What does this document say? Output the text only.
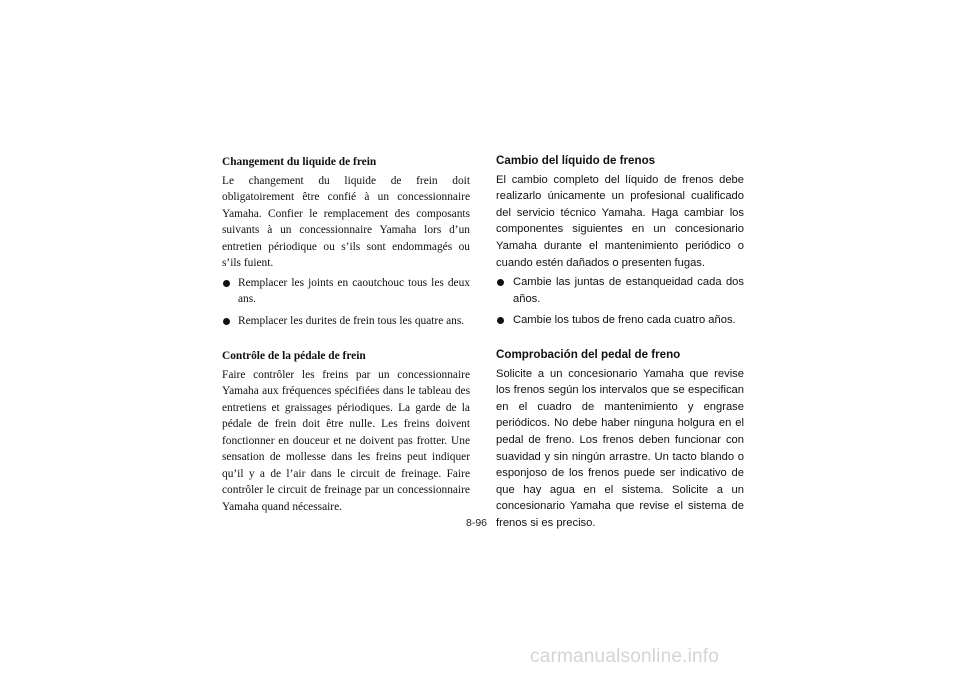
Changement du liquide de frein

Le changement du liquide de frein doit obligatoirement être confié à un concessionnaire Yamaha. Confier le remplacement des composants suivants à un concessionnaire Yamaha lors d’un entretien périodique ou s’ils sont endommagés ou s’ils fuient.

Remplacer les joints en caoutchouc tous les deux ans.
Remplacer les durites de frein tous les quatre ans.

Cambio del líquido de frenos

El cambio completo del líquido de frenos debe realizarlo únicamente un profesional cualificado del servicio técnico Yamaha. Haga cambiar los componentes siguientes en un concesionario Yamaha durante el mantenimiento periódico o cuando estén dañados o presenten fugas.

Cambie las juntas de estanqueidad cada dos años.
Cambie los tubos de freno cada cuatro años.

Contrôle de la pédale de frein

Faire contrôler les freins par un concessionnaire Yamaha aux fréquences spécifiées dans le tableau des entretiens et graissages périodiques. La garde de la pédale de frein doit être nulle. Les freins doivent fonctionner en douceur et ne doivent pas frotter. Une sensation de mollesse dans les freins peut indiquer qu’il y a de l’air dans le circuit de freinage. Faire contrôler le circuit de freinage par un concessionnaire Yamaha quand nécessaire.

Comprobación del pedal de freno

Solicite a un concesionario Yamaha que revise los frenos según los intervalos que se especifican en el cuadro de mantenimiento y engrase periódicos. No debe haber ninguna holgura en el pedal de freno. Los frenos deben funcionar con suavidad y sin ningún arrastre. Un tacto blando o esponjoso de los frenos puede ser indicativo de que hay agua en el sistema. Solicite a un concesionario Yamaha que revise el sistema de frenos si es preciso.

8-96
carmanualsonline.info
